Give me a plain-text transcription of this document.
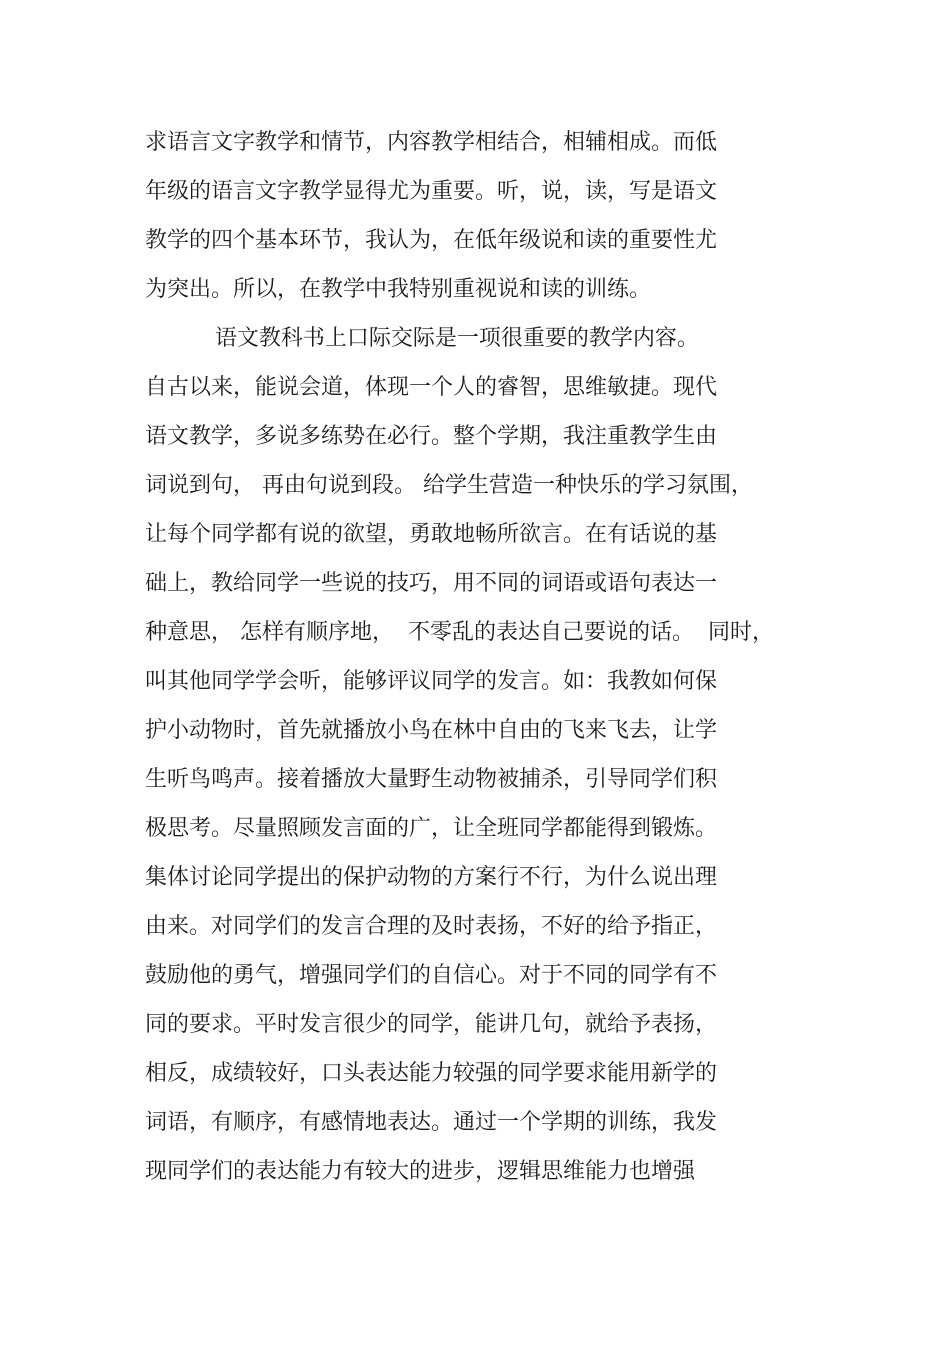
求语言文字教学和情节，内容教学相结合，相辅相成。而低
年级的语言文字教学显得尤为重要。听，说，读，写是语文
教学的四个基本环节，我认为，在低年级说和读的重要性尤
为突出。所以，在教学中我特别重视说和读的训练。
语文教科书上口际交际是一项很重要的教学内容。
自古以来，能说会道，体现一个人的睿智，思维敏捷。现代
语文教学，多说多练势在必行。整个学期，我注重教学生由
词说到句， 再由句说到段。 给学生营造一种快乐的学习氛围，
让每个同学都有说的欲望，勇敢地畅所欲言。在有话说的基
础上，教给同学一些说的技巧，用不同的词语或语句表达一
种意思， 怎样有顺序地，  不零乱的表达自己要说的话。  同时，
叫其他同学学会听，能够评议同学的发言。如：我教如何保
护小动物时，首先就播放小鸟在林中自由的飞来飞去，让学
生听鸟鸣声。接着播放大量野生动物被捕杀，引导同学们积
极思考。尽量照顾发言面的广，让全班同学都能得到锻炼。
集体讨论同学提出的保护动物的方案行不行，为什么说出理
由来。对同学们的发言合理的及时表扬，不好的给予指正，
鼓励他的勇气，增强同学们的自信心。对于不同的同学有不
同的要求。平时发言很少的同学，能讲几句，就给予表扬，
相反，成绩较好，口头表达能力较强的同学要求能用新学的
词语，有顺序，有感情地表达。通过一个学期的训练，我发
现同学们的表达能力有较大的进步，逻辑思维能力也增强
